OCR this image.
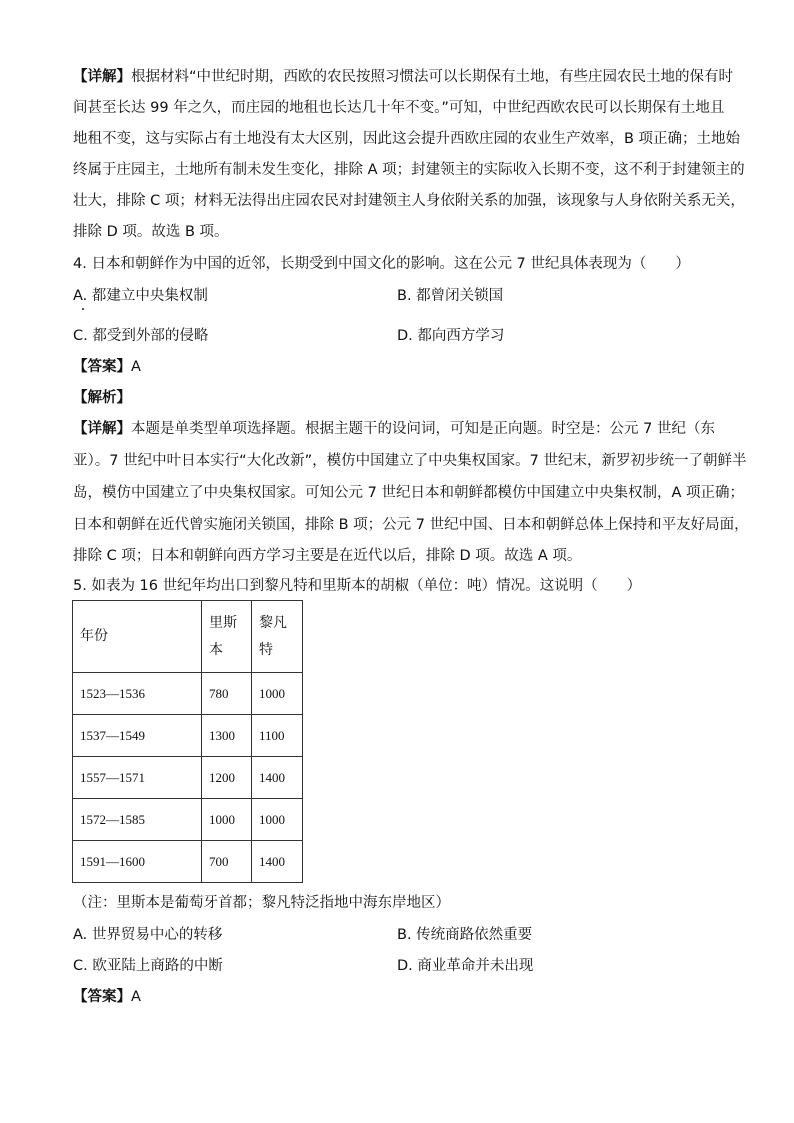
【详解】根据材料“中世纪时期，西欧的农民按照习惯法可以长期保有土地，有些庄园农民土地的保有时
间甚至长达 99 年之久，而庄园的地租也长达几十年不变。”可知，中世纪西欧农民可以长期保有土地且
地租不变，这与实际占有土地没有太大区别，因此这会提升西欧庄园的农业生产效率，B 项正确；土地始
终属于庄园主，土地所有制未发生变化，排除 A 项；封建领主的实际收入长期不变，这不利于封建领主的
壮大，排除 C 项；材料无法得出庄园农民对封建领主人身依附关系的加强，该现象与人身依附关系无关，
排除 D 项。故选 B 项。
4. 日本和朝鲜作为中国的近邻，长期受到中国文化的影响。这在公元 7 世纪具体表现为（　　）
A. 都建立中央集权制	B. 都曾闭关锁国
C. 都受到外部的侵略	D. 都向西方学习
【答案】A
【解析】
【详解】本题是单类型单项选择题。根据主题干的设问词，可知是正向题。时空是：公元 7 世纪（东
亚）。7 世纪中叶日本实行“大化改新”，模仿中国建立了中央集权国家。7 世纪末，新罗初步统一了朝鲜半
岛，模仿中国建立了中央集权国家。可知公元 7 世纪日本和朝鲜都模仿中国建立中央集权制，A 项正确；
日本和朝鲜在近代曾实施闭关锁国，排除 B 项；公元 7 世纪中国、日本和朝鲜总体上保持和平友好局面，
排除 C 项；日本和朝鲜向西方学习主要是在近代以后，排除 D 项。故选 A 项。
5. 如表为 16 世纪年均出口到黎凡特和里斯本的胡椒（单位：吨）情况。这说明（　　）
年份	里斯本	黎凡特
1523—1536	780	1000
1537—1549	1300	1100
1557—1571	1200	1400
1572—1585	1000	1000
1591—1600	700	1400
（注：里斯本是葡萄牙首都；黎凡特泛指地中海东岸地区）
A. 世界贸易中心的转移	B. 传统商路依然重要
C. 欧亚陆上商路的中断	D. 商业革命并未出现
【答案】A
